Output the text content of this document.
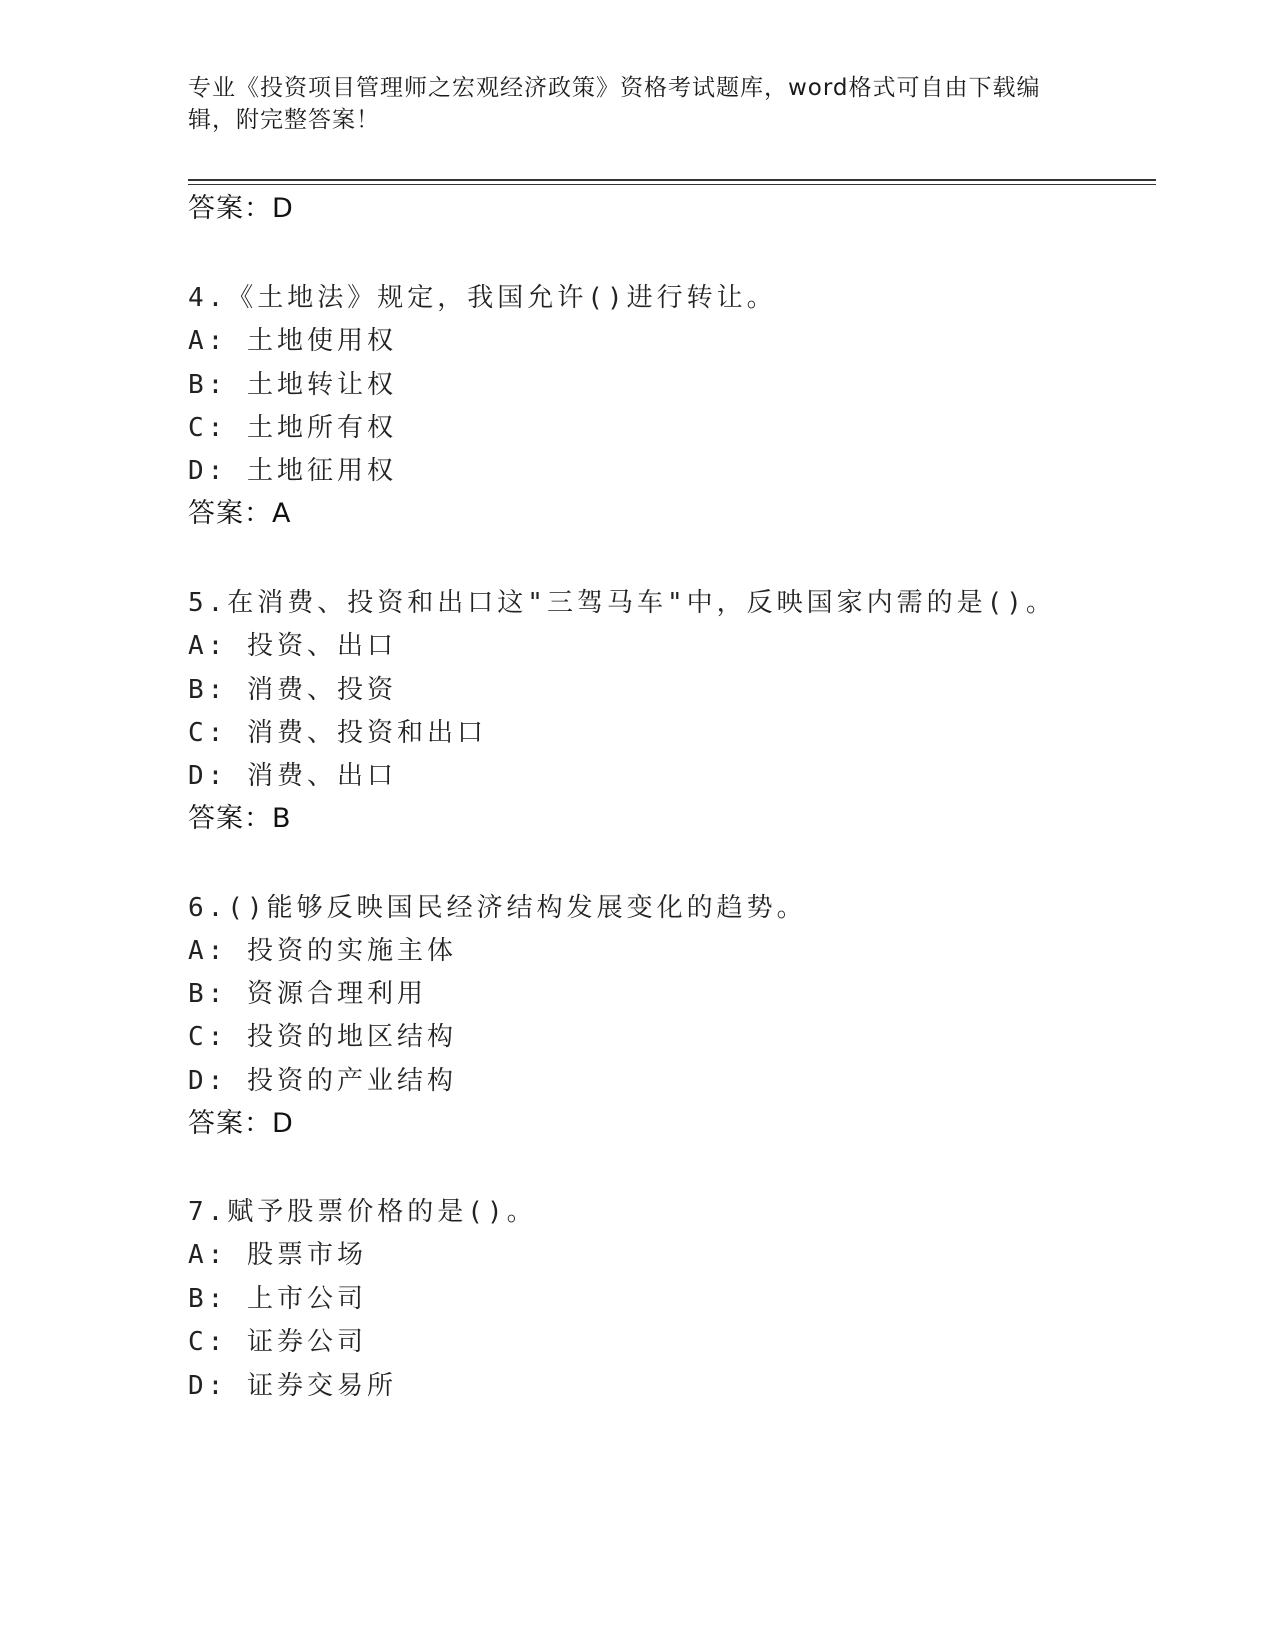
专业《投资项目管理师之宏观经济政策》资格考试题库，word格式可自由下载编
辑，附完整答案！
答案：D
4.《土地法》规定，我国允许()进行转让。
A: 土地使用权
B: 土地转让权
C: 土地所有权
D: 土地征用权
答案：A
5.在消费、投资和出口这"三驾马车"中，反映国家内需的是()。
A: 投资、出口
B: 消费、投资
C: 消费、投资和出口
D: 消费、出口
答案：B
6.()能够反映国民经济结构发展变化的趋势。
A: 投资的实施主体
B: 资源合理利用
C: 投资的地区结构
D: 投资的产业结构
答案：D
7.赋予股票价格的是()。
A: 股票市场
B: 上市公司
C: 证券公司
D: 证券交易所
